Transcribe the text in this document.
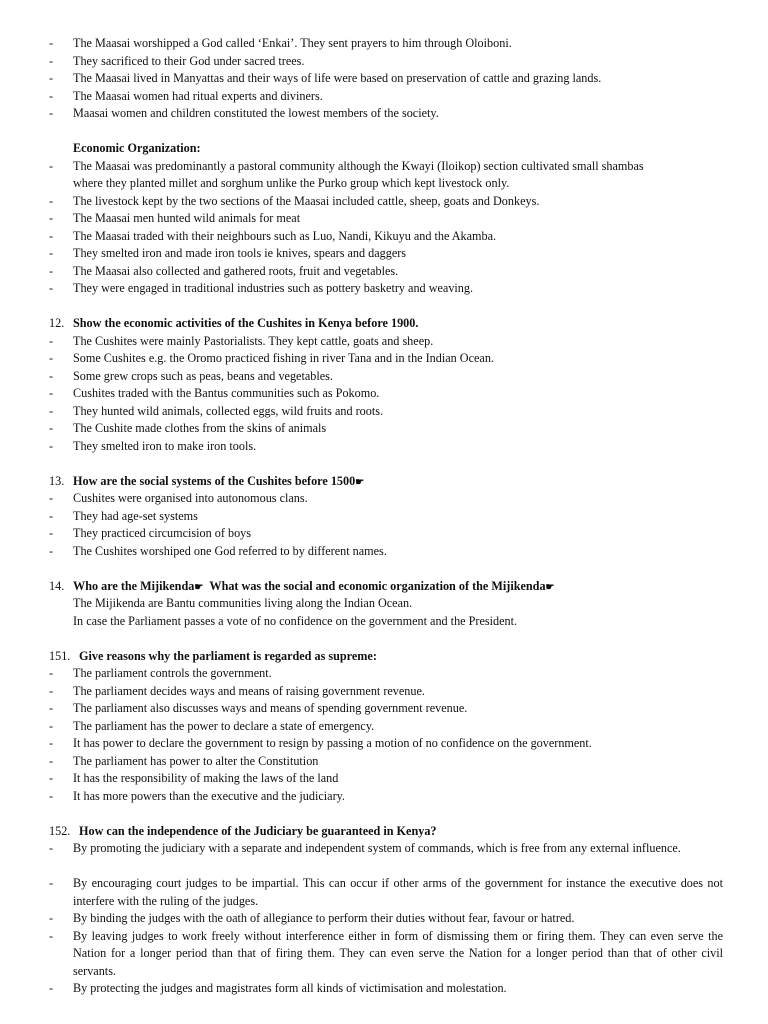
- The Maasai worshipped a God called ‘Enkai’. They sent prayers to him through Oloiboni.
- They sacrificed to their God under sacred trees.
- The Maasai lived in Manyattas and their ways of life were based on preservation of cattle and grazing lands.
- The Maasai women had ritual experts and diviners.
- Maasai women and children constituted the lowest members of the society.
Economic Organization:
- The Maasai was predominantly a pastoral community although the Kwayi (Iloikop) section cultivated small shambas
where they planted millet and sorghum unlike the Purko group which kept livestock only.
- The livestock kept by the two sections of the Maasai included cattle, sheep, goats and Donkeys.
- The Maasai men hunted wild animals for meat
- The Maasai traded with their neighbours such as Luo, Nandi, Kikuyu and the Akamba.
- They smelted iron and made iron tools ie knives, spears and daggers
- The Maasai also collected and gathered roots, fruit and vegetables.
- They were engaged in traditional industries such as pottery basketry and weaving.
12. Show the economic activities of the Cushites in Kenya before 1900.
- The Cushites were mainly Pastorialists. They kept cattle, goats and sheep.
- Some Cushites e.g. the Oromo practiced fishing in river Tana and in the Indian Ocean.
- Some grew crops such as peas, beans and vegetables.
- Cushites traded with the Bantus communities such as Pokomo.
- They hunted wild animals, collected eggs, wild fruits and roots.
- The Cushite made clothes from the skins of animals
- They smelted iron to make iron tools.
13. How are the social systems of the Cushites before 1500☛
- Cushites were organised into autonomous clans.
- They had age-set systems
- They practiced circumcision of boys
- The Cushites worshiped one God referred to by different names.
14. Who are the Mijikenda☛ What was the social and economic organization of the Mijikenda☛
The Mijikenda are Bantu communities living along the Indian Ocean.
In case the Parliament passes a vote of no confidence on the government and the President.
151. Give reasons why the parliament is regarded as supreme:
- The parliament controls the government.
- The parliament decides ways and means of raising government revenue.
- The parliament also discusses ways and means of spending government revenue.
- The parliament has the power to declare a state of emergency.
- It has power to declare the government to resign by passing a motion of no confidence on the government.
- The parliament has power to alter the Constitution
- It has the responsibility of making the laws of the land
- It has more powers than the executive and the judiciary.
152. How can the independence of the Judiciary be guaranteed in Kenya?
- By promoting the judiciary with a separate and independent system of commands, which is free from any external influence.
- By encouraging court judges to be impartial. This can occur if other arms of the government for instance the executive does not interfere with the ruling of the judges.
- By binding the judges with the oath of allegiance to perform their duties without fear, favour or hatred.
- By leaving judges to work freely without interference either in form of dismissing them or firing them. They can even serve the Nation for a longer period than that of firing them. They can even serve the Nation for a longer period than that of other civil servants.
- By protecting the judges and magistrates form all kinds of victimisation and molestation.
